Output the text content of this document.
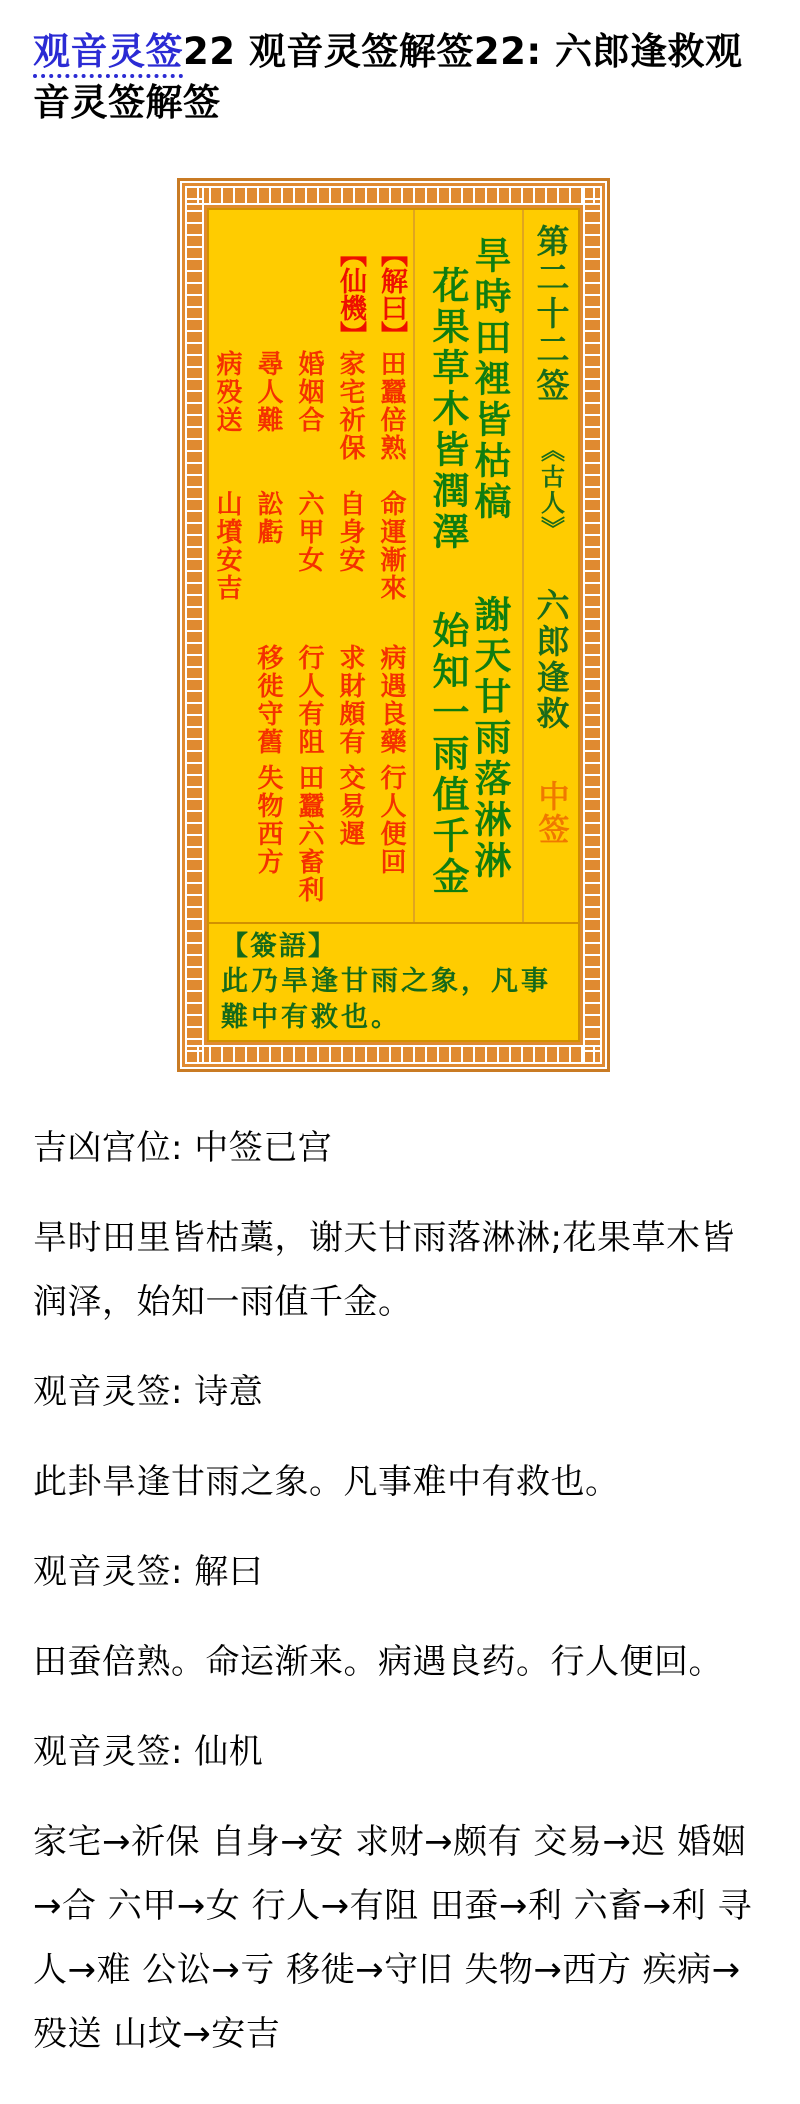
观音灵签22 观音灵签解签22: 六郎逢救观音灵签解签
【解曰】
田蠶倍熟
命運漸來
病遇良藥
行人便回
【仙機】
家宅祈保
自身安
求財頗有
交易遲
婚姻合
六甲女
行人有阻
田蠶六畜利
尋人難
訟虧
移徙守舊
失物西方
病殁送
山墳安吉
旱時田裡皆枯槁謝天甘雨落淋淋
花果草木皆潤澤始知一雨值千金
第二十二签
《古人》
六郎逢救
中签
【簽語】
此乃旱逢甘雨之象，凡事
難中有救也。

吉凶宫位: 中签已宫

旱时田里皆枯藁，谢天甘雨落淋淋;花果草木皆润泽，始知一雨值千金。

观音灵签: 诗意

此卦旱逢甘雨之象。凡事难中有救也。

观音灵签: 解曰

田蚕倍熟。命运渐来。病遇良药。行人便回。

观音灵签: 仙机

家宅→祈保 自身→安 求财→颇有 交易→迟 婚姻→合 六甲→女 行人→有阻 田蚕→利 六畜→利 寻人→难 公讼→亏 移徙→守旧 失物→西方 疾病→殁送 山坟→安吉
